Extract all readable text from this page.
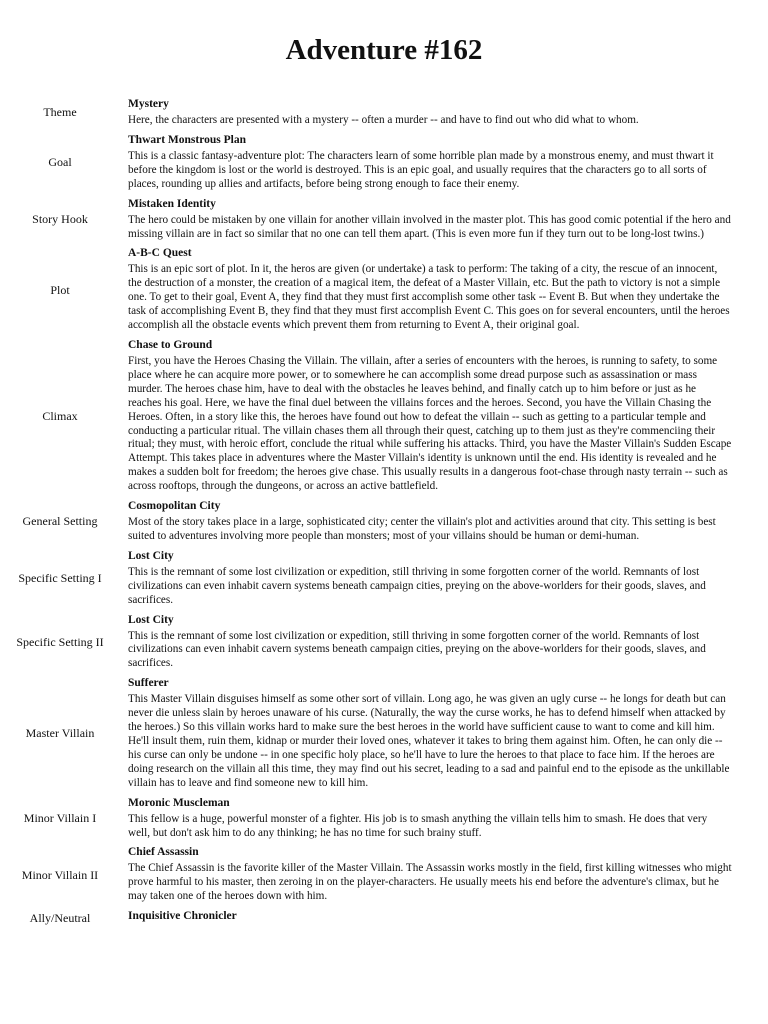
Adventure #162
Theme
Mystery
Here, the characters are presented with a mystery -- often a murder -- and have to find out who did what to whom.
Goal
Thwart Monstrous Plan
This is a classic fantasy-adventure plot: The characters learn of some horrible plan made by a monstrous enemy, and must thwart it before the kingdom is lost or the world is destroyed. This is an epic goal, and usually requires that the characters go to all sorts of places, rounding up allies and artifacts, before being strong enough to face their enemy.
Story Hook
Mistaken Identity
The hero could be mistaken by one villain for another villain involved in the master plot. This has good comic potential if the hero and missing villain are in fact so similar that no one can tell them apart. (This is even more fun if they turn out to be long-lost twins.)
Plot
A-B-C Quest
This is an epic sort of plot. In it, the heros are given (or undertake) a task to perform: The taking of a city, the rescue of an innocent, the destruction of a monster, the creation of a magical item, the defeat of a Master Villain, etc. But the path to victory is not a simple one. To get to their goal, Event A, they find that they must first accomplish some other task -- Event B. But when they undertake the task of accomplishing Event B, they find that they must first accomplish Event C. This goes on for several encounters, until the heroes accomplish all the obstacle events which prevent them from returning to Event A, their original goal.
Climax
Chase to Ground
First, you have the Heroes Chasing the Villain. The villain, after a series of encounters with the heroes, is running to safety, to some place where he can acquire more power, or to somewhere he can accomplish some dread purpose such as assassination or mass murder. The heroes chase him, have to deal with the obstacles he leaves behind, and finally catch up to him before or just as he reaches his goal. Here, we have the final duel between the villains forces and the heroes. Second, you have the Villain Chasing the Heroes. Often, in a story like this, the heroes have found out how to defeat the villain -- such as getting to a particular temple and conducting a particular ritual. The villain chases them all through their quest, catching up to them just as they're commenciing their ritual; they must, with heroic effort, conclude the ritual while suffering his attacks. Third, you have the Master Villain's Sudden Escape Attempt. This takes place in adventures where the Master Villain's identity is unknown until the end. His identity is revealed and he makes a sudden bolt for freedom; the heroes give chase. This usually results in a dangerous foot-chase through nasty terrain -- such as across rooftops, through the dungeons, or across an active battlefield.
General Setting
Cosmopolitan City
Most of the story takes place in a large, sophisticated city; center the villain's plot and activities around that city. This setting is best suited to adventures involving more people than monsters; most of your villains should be human or demi-human.
Specific Setting I
Lost City
This is the remnant of some lost civilization or expedition, still thriving in some forgotten corner of the world. Remnants of lost civilizations can even inhabit cavern systems beneath campaign cities, preying on the above-worlders for their goods, slaves, and sacrifices.
Specific Setting II
Lost City
This is the remnant of some lost civilization or expedition, still thriving in some forgotten corner of the world. Remnants of lost civilizations can even inhabit cavern systems beneath campaign cities, preying on the above-worlders for their goods, slaves, and sacrifices.
Master Villain
Sufferer
This Master Villain disguises himself as some other sort of villain. Long ago, he was given an ugly curse -- he longs for death but can never die unless slain by heroes unaware of his curse. (Naturally, the way the curse works, he has to defend himself when attacked by the heroes.) So this villain works hard to make sure the best heroes in the world have sufficient cause to want to come and kill him. He'll insult them, ruin them, kidnap or murder their loved ones, whatever it takes to bring them against him. Often, he can only die -- his curse can only be undone -- in one specific holy place, so he'll have to lure the heroes to that place to face him. If the heroes are doing research on the villain all this time, they may find out his secret, leading to a sad and painful end to the episode as the unkillable villain has to leave and find someone new to kill him.
Minor Villain I
Moronic Muscleman
This fellow is a huge, powerful monster of a fighter. His job is to smash anything the villain tells him to smash. He does that very well, but don't ask him to do any thinking; he has no time for such brainy stuff.
Minor Villain II
Chief Assassin
The Chief Assassin is the favorite killer of the Master Villain. The Assassin works mostly in the field, first killing witnesses who might prove harmful to his master, then zeroing in on the player-characters. He usually meets his end before the adventure's climax, but he may taken one of the heroes down with him.
Ally/Neutral	Inquisitive Chronicler
